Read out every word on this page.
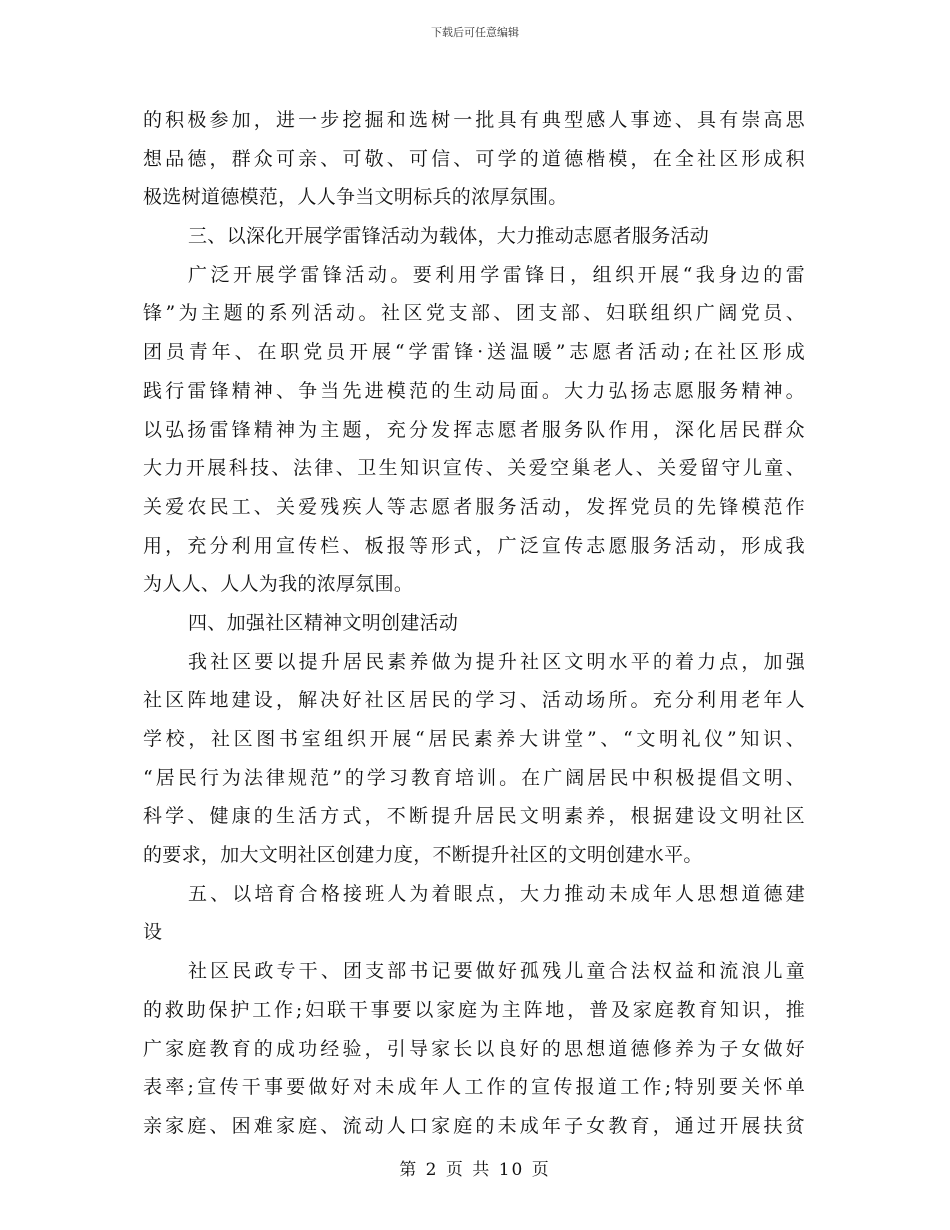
下载后可任意编辑
的积极参加，进一步挖掘和选树一批具有典型感人事迹、具有崇高思
想品德，群众可亲、可敬、可信、可学的道德楷模，在全社区形成积
极选树道德模范，人人争当文明标兵的浓厚氛围。
三、以深化开展学雷锋活动为载体，大力推动志愿者服务活动
广泛开展学雷锋活动。要利用学雷锋日，组织开展“我身边的雷
锋”为主题的系列活动。社区党支部、团支部、妇联组织广阔党员、
团员青年、在职党员开展“学雷锋·送温暖”志愿者活动;在社区形成
践行雷锋精神、争当先进模范的生动局面。大力弘扬志愿服务精神。
以弘扬雷锋精神为主题，充分发挥志愿者服务队作用，深化居民群众
大力开展科技、法律、卫生知识宣传、关爱空巢老人、关爱留守儿童、
关爱农民工、关爱残疾人等志愿者服务活动，发挥党员的先锋模范作
用，充分利用宣传栏、板报等形式，广泛宣传志愿服务活动，形成我
为人人、人人为我的浓厚氛围。
四、加强社区精神文明创建活动
我社区要以提升居民素养做为提升社区文明水平的着力点，加强
社区阵地建设，解决好社区居民的学习、活动场所。充分利用老年人
学校，社区图书室组织开展“居民素养大讲堂”、“文明礼仪”知识、
“居民行为法律规范”的学习教育培训。在广阔居民中积极提倡文明、
科学、健康的生活方式，不断提升居民文明素养，根据建设文明社区
的要求，加大文明社区创建力度，不断提升社区的文明创建水平。
五、以培育合格接班人为着眼点，大力推动未成年人思想道德建
设
社区民政专干、团支部书记要做好孤残儿童合法权益和流浪儿童
的救助保护工作;妇联干事要以家庭为主阵地，普及家庭教育知识，推
广家庭教育的成功经验，引导家长以良好的思想道德修养为子女做好
表率;宣传干事要做好对未成年人工作的宣传报道工作;特别要关怀单
亲家庭、困难家庭、流动人口家庭的未成年子女教育，通过开展扶贫
第 2 页 共 10 页
